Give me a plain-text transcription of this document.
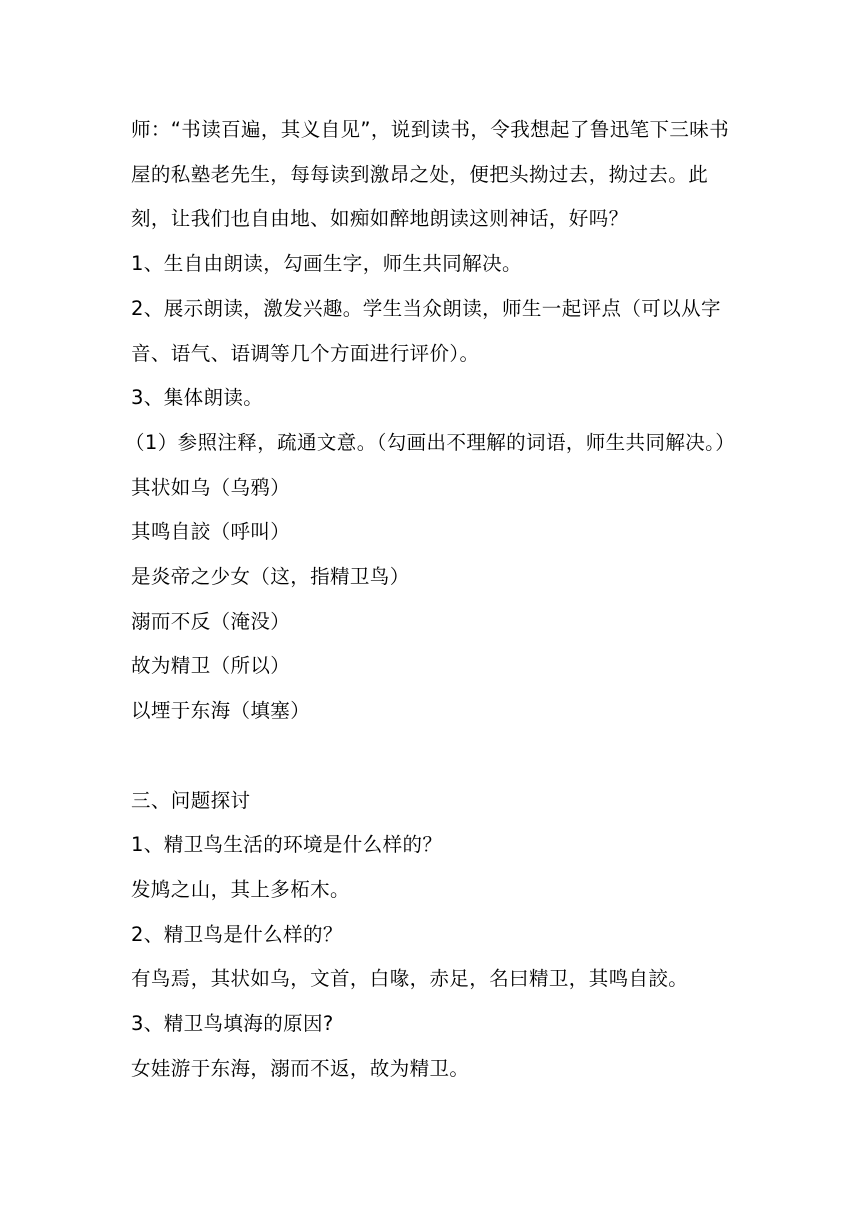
师：“书读百遍，其义自见”，说到读书，令我想起了鲁迅笔下三味书屋的私塾老先生，每每读到激昂之处，便把头拗过去，拗过去。此刻，让我们也自由地、如痴如醉地朗读这则神话，好吗？

1、生自由朗读，勾画生字，师生共同解决。

2、展示朗读，激发兴趣。学生当众朗读，师生一起评点（可以从字音、语气、语调等几个方面进行评价）。

3、集体朗读。

（1）参照注释，疏通文意。（勾画出不理解的词语，师生共同解决。）

其状如乌（乌鸦）

其鸣自詨（呼叫）

是炎帝之少女（这，指精卫鸟）

溺而不反（淹没）

故为精卫（所以）

以堙于东海（填塞）

三、问题探讨

1、精卫鸟生活的环境是什么样的？

发鸠之山，其上多柘木。

2、精卫鸟是什么样的？

有鸟焉，其状如乌，文首，白喙，赤足，名曰精卫，其鸣自詨。

3、精卫鸟填海的原因?

女娃游于东海，溺而不返，故为精卫。
